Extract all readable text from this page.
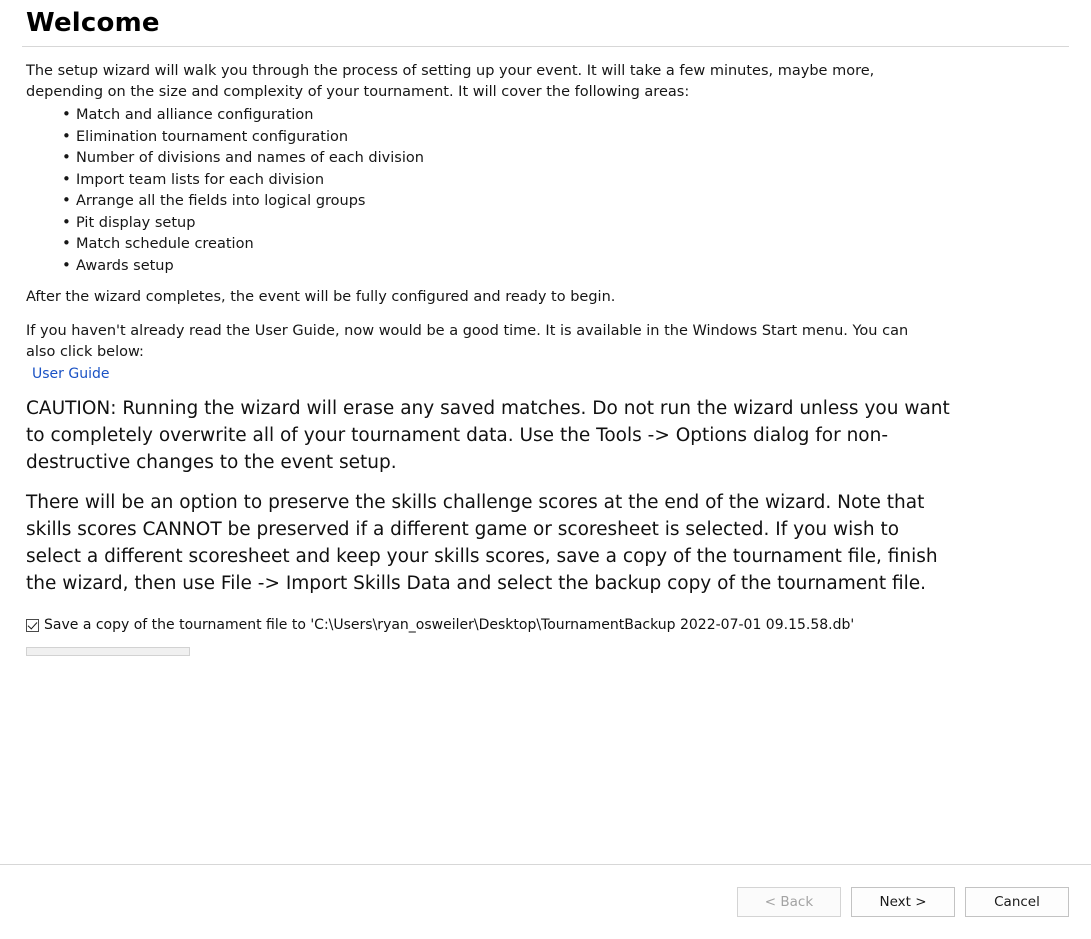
Welcome

The setup wizard will walk you through the process of setting up your event. It will take a few minutes, maybe more, depending on the size and complexity of your tournament. It will cover the following areas:

• Match and alliance configuration
• Elimination tournament configuration
• Number of divisions and names of each division
• Import team lists for each division
• Arrange all the fields into logical groups
• Pit display setup
• Match schedule creation
• Awards setup

After the wizard completes, the event will be fully configured and ready to begin.

If you haven't already read the User Guide, now would be a good time. It is available in the Windows Start menu. You can also click below:

User Guide

CAUTION: Running the wizard will erase any saved matches. Do not run the wizard unless you want to completely overwrite all of your tournament data. Use the Tools -> Options dialog for non-destructive changes to the event setup.

There will be an option to preserve the skills challenge scores at the end of the wizard. Note that skills scores CANNOT be preserved if a different game or scoresheet is selected. If you wish to select a different scoresheet and keep your skills scores, save a copy of the tournament file, finish the wizard, then use File -> Import Skills Data and select the backup copy of the tournament file.

Save a copy of the tournament file to 'C:\Users\ryan_osweiler\Desktop\TournamentBackup 2022-07-01 09.15.58.db'
< Back	Next >	Cancel
